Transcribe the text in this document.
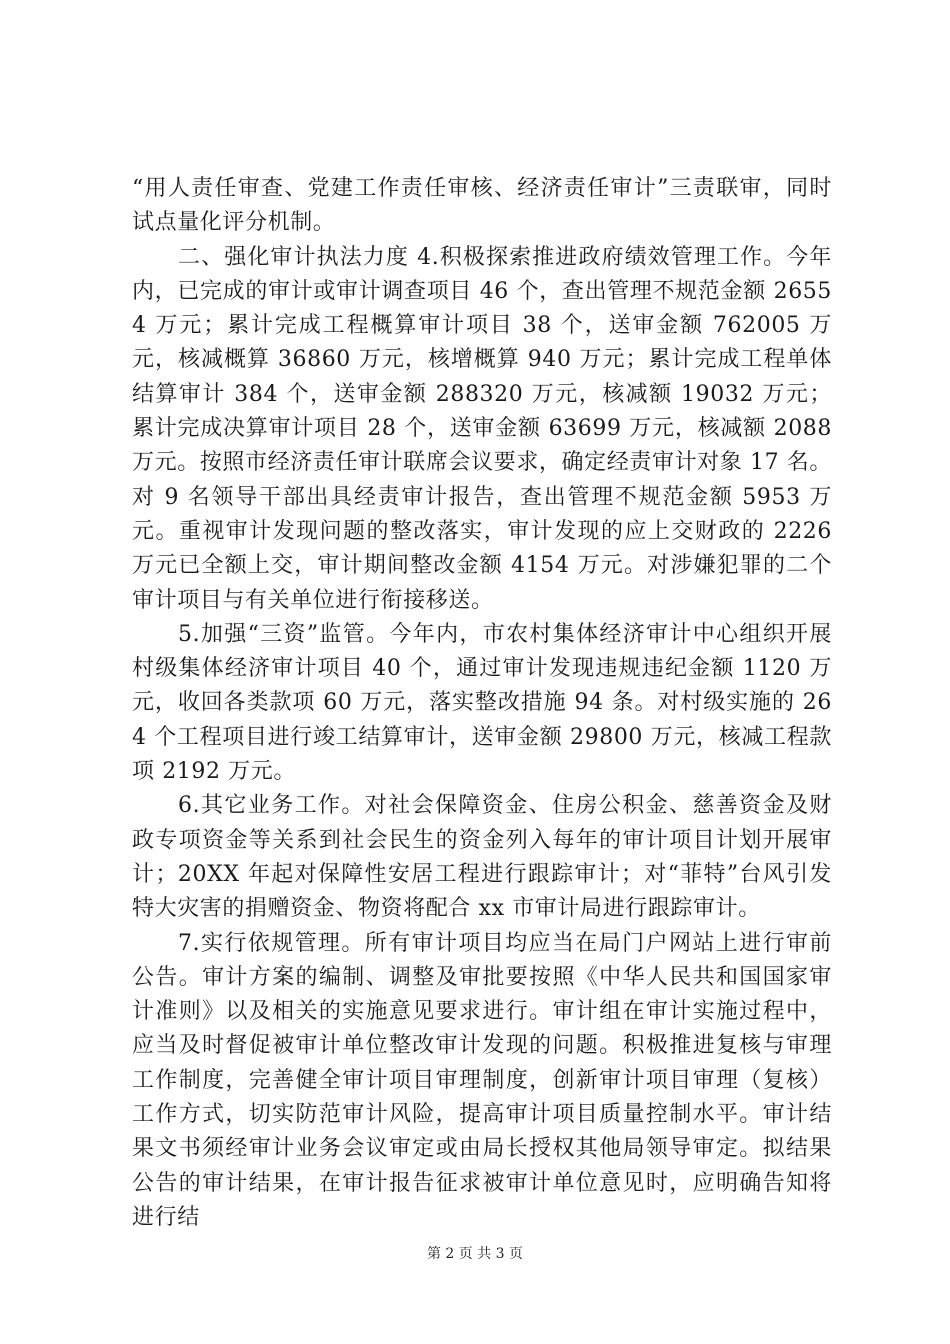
“用人责任审查、党建工作责任审核、经济责任审计”三责联审，同时试点量化评分机制。

二、强化审计执法力度 4.积极探索推进政府绩效管理工作。今年内，已完成的审计或审计调查项目 46 个，查出管理不规范金额 26554 万元；累计完成工程概算审计项目 38 个，送审金额 762005 万元，核减概算 36860 万元，核增概算 940 万元；累计完成工程单体结算审计 384 个，送审金额 288320 万元，核减额 19032 万元；累计完成决算审计项目 28 个，送审金额 63699 万元，核减额 2088 万元。按照市经济责任审计联席会议要求，确定经责审计对象 17 名。对 9 名领导干部出具经责审计报告，查出管理不规范金额 5953 万元。重视审计发现问题的整改落实，审计发现的应上交财政的 2226 万元已全额上交，审计期间整改金额 4154 万元。对涉嫌犯罪的二个审计项目与有关单位进行衔接移送。

5.加强“三资”监管。今年内，市农村集体经济审计中心组织开展村级集体经济审计项目 40 个，通过审计发现违规违纪金额 1120 万元，收回各类款项 60 万元，落实整改措施 94 条。对村级实施的 264 个工程项目进行竣工结算审计，送审金额 29800 万元，核减工程款项 2192 万元。

6.其它业务工作。对社会保障资金、住房公积金、慈善资金及财政专项资金等关系到社会民生的资金列入每年的审计项目计划开展审计；20XX 年起对保障性安居工程进行跟踪审计；对“菲特”台风引发特大灾害的捐赠资金、物资将配合 xx 市审计局进行跟踪审计。

7.实行依规管理。所有审计项目均应当在局门户网站上进行审前公告。审计方案的编制、调整及审批要按照《中华人民共和国国家审计准则》以及相关的实施意见要求进行。审计组在审计实施过程中，应当及时督促被审计单位整改审计发现的问题。积极推进复核与审理工作制度，完善健全审计项目审理制度，创新审计项目审理（复核）工作方式，切实防范审计风险，提高审计项目质量控制水平。审计结果文书须经审计业务会议审定或由局长授权其他局领导审定。拟结果公告的审计结果，在审计报告征求被审计单位意见时，应明确告知将进行结

第 2 页 共 3 页
